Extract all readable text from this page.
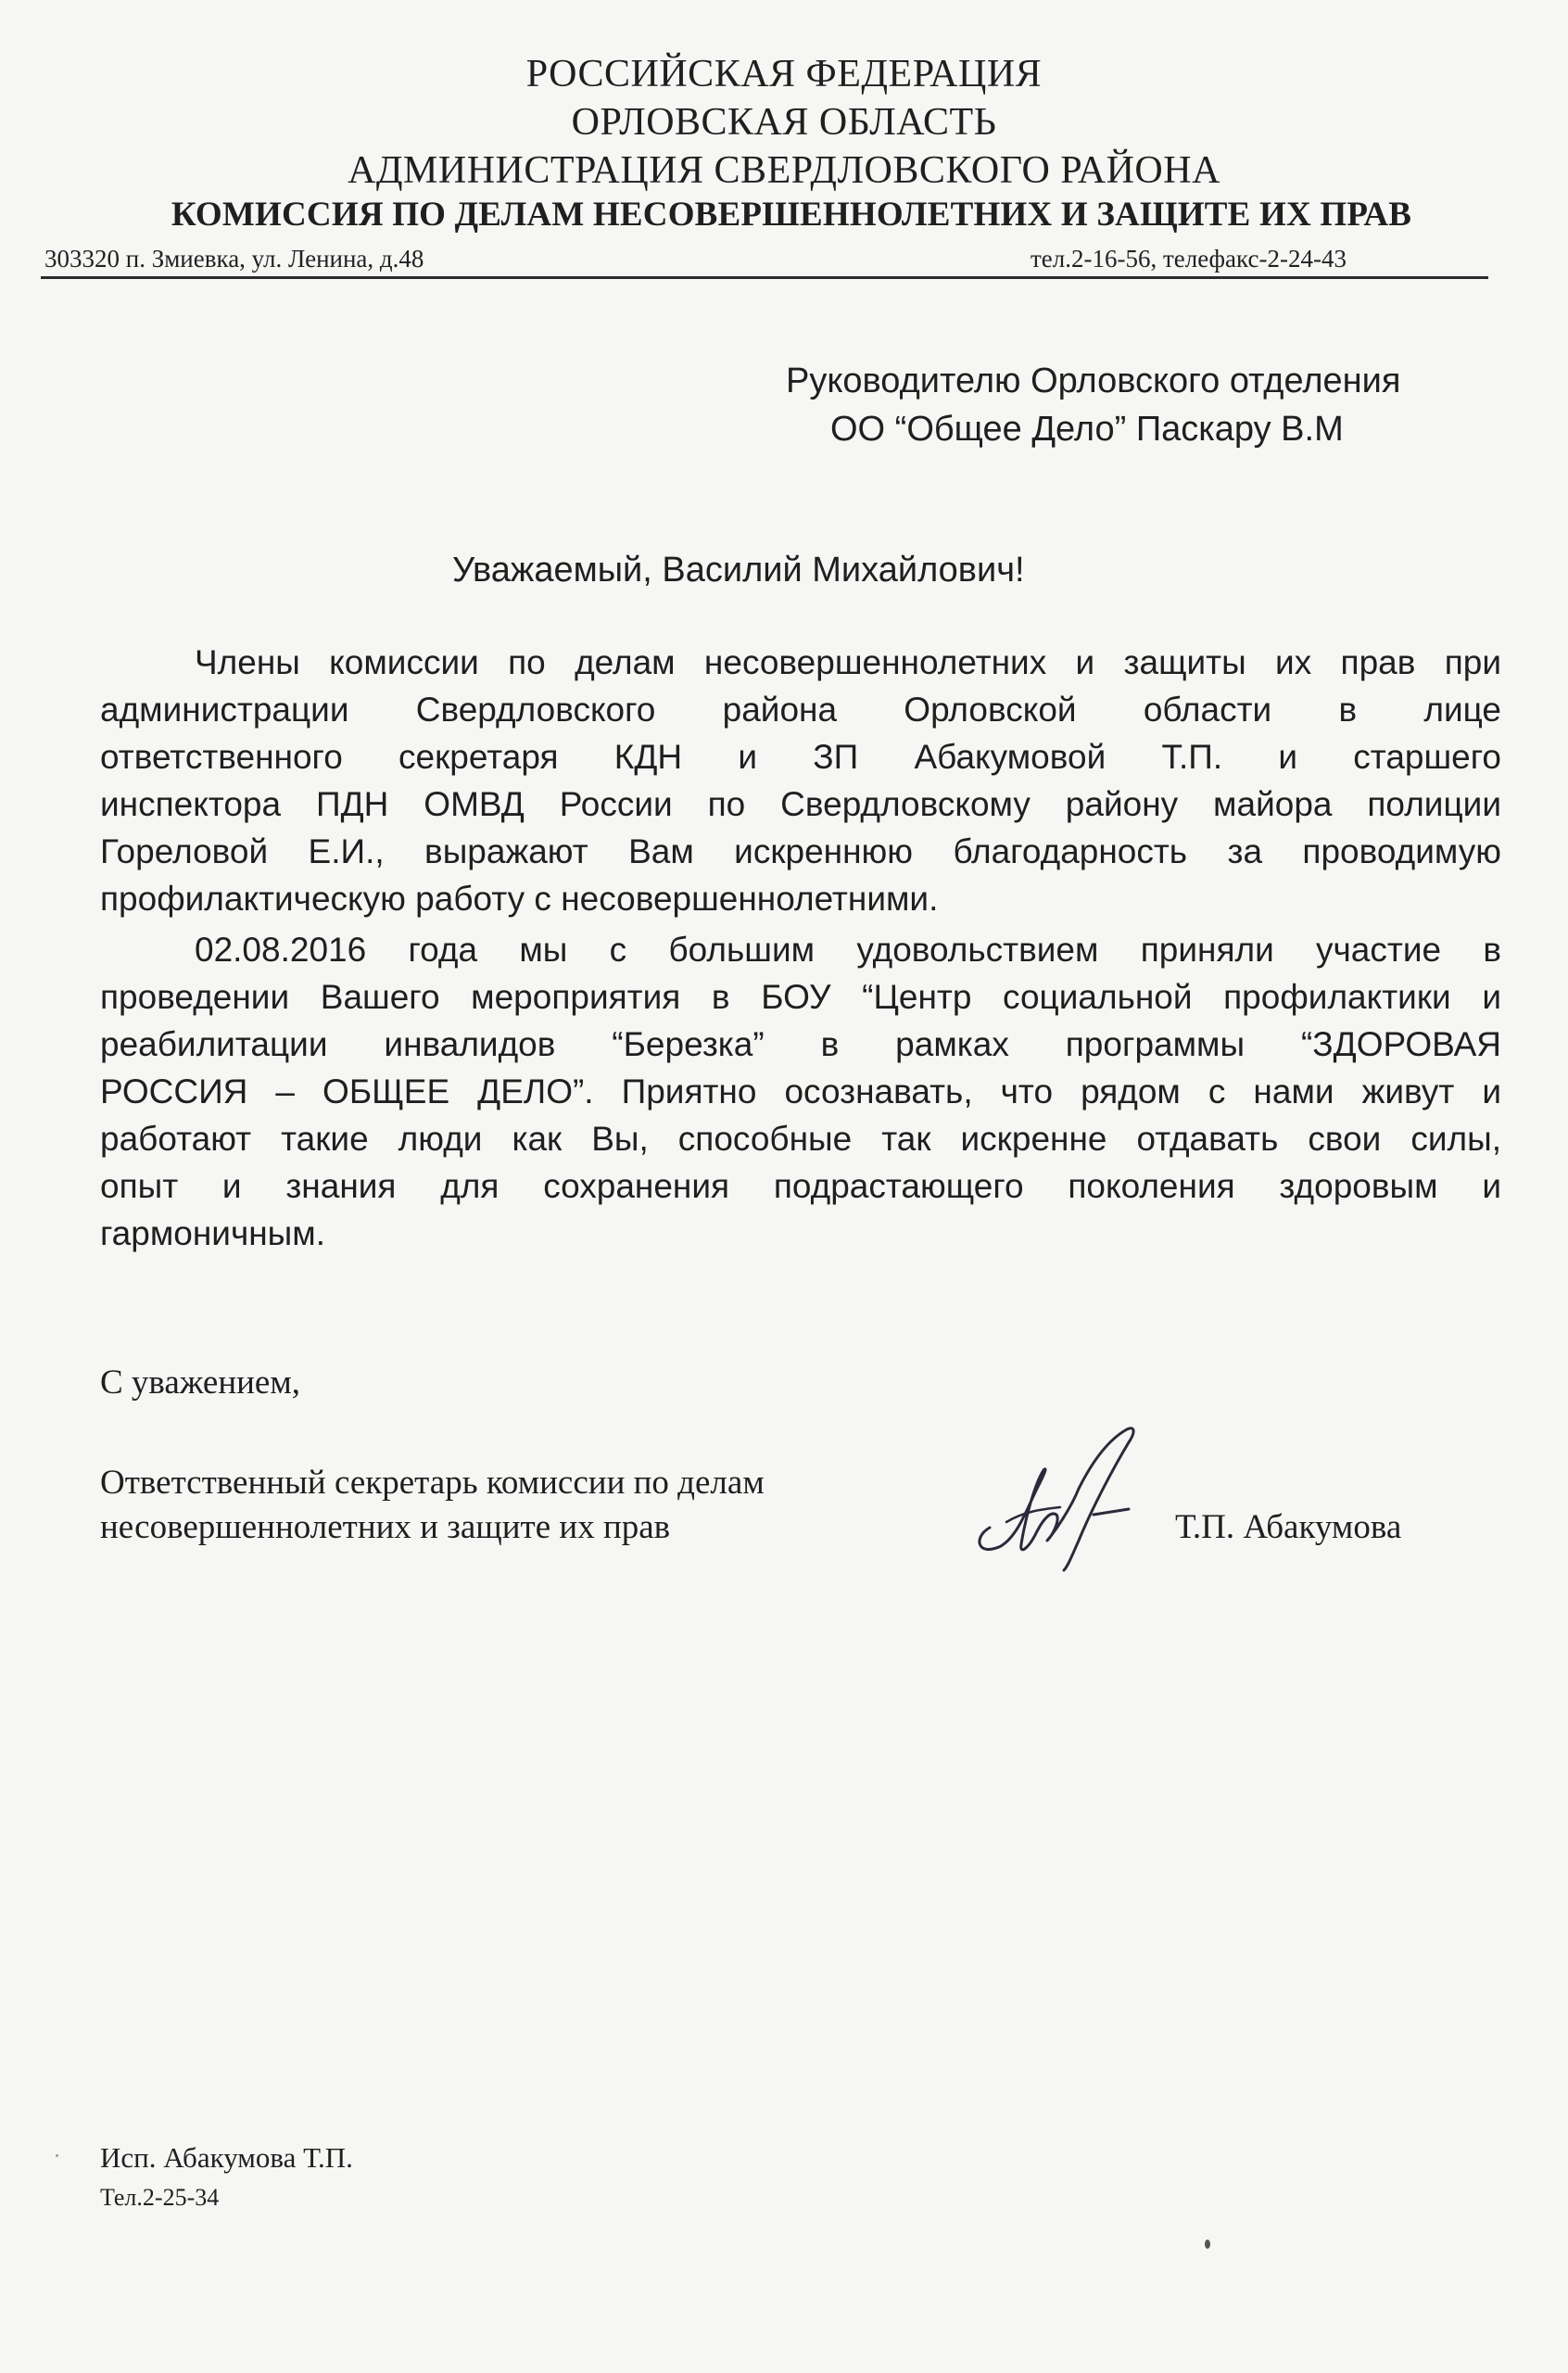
РОССИЙСКАЯ ФЕДЕРАЦИЯ
ОРЛОВСКАЯ ОБЛАСТЬ
АДМИНИСТРАЦИЯ СВЕРДЛОВСКОГО РАЙОНА
КОМИССИЯ ПО ДЕЛАМ НЕСОВЕРШЕННОЛЕТНИХ И ЗАЩИТЕ ИХ ПРАВ
303320 п. Змиевка, ул. Ленина, д.48	тел.2-16-56, телефакс-2-24-43
Руководителю Орловского отделения
ОО “Общее Дело” Паскару В.М
Уважаемый, Василий Михайлович!
Члены комиссии по делам несовершеннолетних и защиты их прав при
администрации Свердловского района Орловской области в лице
ответственного секретаря КДН и ЗП Абакумовой Т.П. и старшего
инспектора ПДН ОМВД России по Свердловскому району майора полиции
Гореловой Е.И., выражают Вам искреннюю благодарность за проводимую
профилактическую работу с несовершеннолетними.
02.08.2016 года мы с большим удовольствием приняли участие в
проведении Вашего мероприятия в БОУ “Центр социальной профилактики и
реабилитации инвалидов “Березка” в рамках программы “ЗДОРОВАЯ
РОССИЯ – ОБЩЕЕ ДЕЛО”. Приятно осознавать, что рядом с нами живут и
работают такие люди как Вы, способные так искренне отдавать свои силы,
опыт и знания для сохранения подрастающего поколения здоровым и
гармоничным.
С уважением,
Ответственный секретарь комиссии по делам
несовершеннолетних и защите их прав	Т.П. Абакумова
Исп. Абакумова Т.П.
Тел.2-25-34
